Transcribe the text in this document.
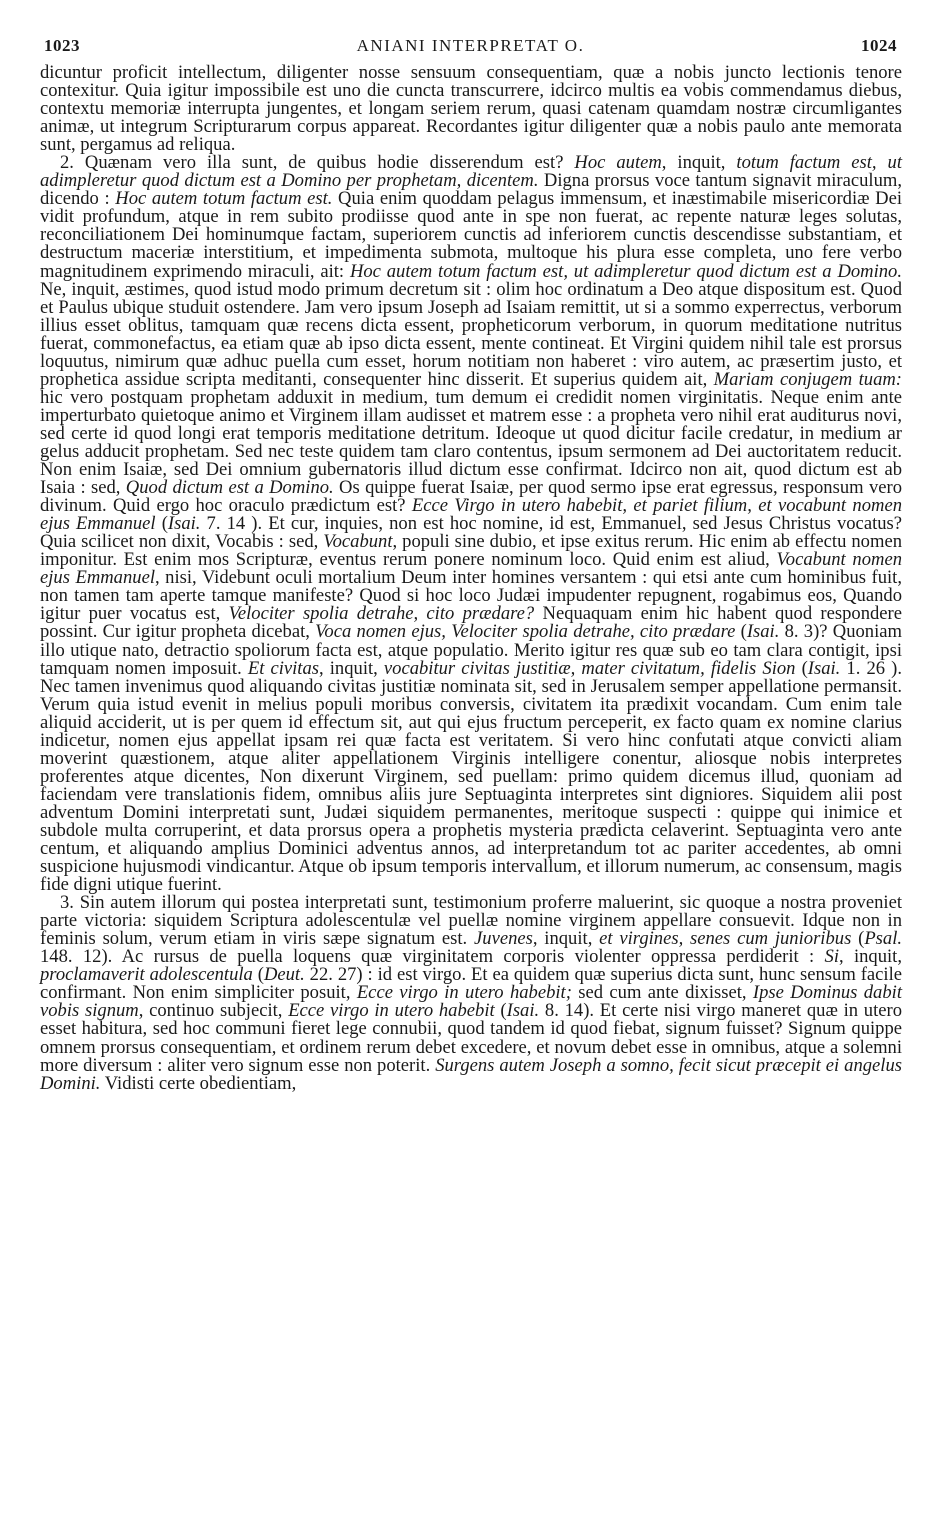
1023	ANIANI INTERPRETAT O.	1024

dicuntur proficit intellectum, diligenter nosse sensuum consequentiam, quæ a nobis juncto lectionis tenore contexitur. Quia igitur impossibile est uno die cuncta transcurrere, idcirco multis ea vobis commendamus diebus, contextu memoriæ interrupta jungentes, et longam seriem rerum, quasi catenam quamdam nostræ circumligantes animæ, ut integrum Scripturarum corpus appareat. Recordantes igitur diligenter quæ a nobis paulo ante memorata sunt, pergamus ad reliqua.

2. Quænam vero illa sunt, de quibus hodie disserendum est? Hoc autem, inquit, totum factum est, ut adimpleretur quod dictum est a Domino per prophetam, dicentem. Digna prorsus voce tantum signavit miraculum, dicendo : Hoc autem totum factum est. Quia enim quoddam pelagus immensum, et inæstimabile misericordiæ Dei vidit profundum, atque in rem subito prodiisse quod ante in spe non fuerat, ac repente naturæ leges solutas, reconciliationem Dei hominumque factam, superiorem cunctis ad inferiorem cunctis descendisse substantiam, et destructum maceriæ interstitium, et impedimenta submota, multoque his plura esse completa, uno fere verbo magnitudinem exprimendo miraculi, ait: Hoc autem totum factum est, ut adimpleretur quod dictum est a Domino. Ne, inquit, æstimes, quod istud modo primum decretum sit : olim hoc ordinatum a Deo atque dispositum est. Quod et Paulus ubique studuit ostendere. Jam vero ipsum Joseph ad Isaiam remittit, ut si a sommo experrectus, verborum illius esset oblitus, tamquam quæ recens dicta essent, propheticorum verborum, in quorum meditatione nutritus fuerat, commonefactus, ea etiam quæ ab ipso dicta essent, mente contineat. Et Virgini quidem nihil tale est prorsus loquutus, nimirum quæ adhuc puella cum esset, horum notitiam non haberet : viro autem, ac præsertim justo, et prophetica assidue scripta meditanti, consequenter hinc disserit. Et superius quidem ait, Mariam conjugem tuam: hic vero postquam prophetam adduxit in medium, tum demum ei credidit nomen virginitatis. Neque enim ante imperturbato quietoque animo et Virginem illam audisset et matrem esse : a propheta vero nihil erat auditurus novi, sed certe id quod longi erat temporis meditatione detritum. Ideoque ut quod dicitur facile credatur, in medium ar gelus adducit prophetam. Sed nec teste quidem tam claro contentus, ipsum sermonem ad Dei auctoritatem reducit. Non enim Isaiæ, sed Dei omnium gubernatoris illud dictum esse confirmat. Idcirco non ait, quod dictum est ab Isaia : sed, Quod dictum est a Domino. Os quippe fuerat Isaiæ, per quod sermo ipse erat egressus, responsum vero divinum. Quid ergo hoc oraculo prædictum est? Ecce Virgo in utero habebit, et pariet filium, et vocabunt nomen ejus Emmanuel (Isai. 7. 14 ). Et cur, inquies, non est hoc nomine, id est, Emmanuel, sed Jesus Christus vocatus? Quia scilicet non dixit, Vocabis : sed, Vocabunt, populi sine dubio, et ipse exitus rerum. Hic enim ab effectu nomen imponitur. Est enim mos Scripturæ, eventus rerum ponere nominum loco. Quid enim est aliud, Vocabunt nomen ejus Emmanuel, nisi, Videbunt oculi mortalium Deum inter homines versantem : qui etsi ante cum hominibus fuit, non tamen tam aperte tamque manifeste? Quod si hoc loco Judæi impudenter repugnent, rogabimus eos, Quando igitur puer vocatus est, Velociter spolia detrahe, cito prædare? Nequaquam enim hic habent quod respondere possint. Cur igitur propheta dicebat, Voca nomen ejus, Velociter spolia detrahe, cito prædare (Isai. 8. 3)? Quoniam illo utique nato, detractio spoliorum facta est, atque populatio. Merito igitur res quæ sub eo tam clara contigit, ipsi tamquam nomen imposuit. Et civitas, inquit, vocabitur civitas justitiæ, mater civitatum, fidelis Sion (Isai. 1. 26 ). Nec tamen invenimus quod aliquando civitas justitiæ nominata sit, sed in Jerusalem semper appellatione permansit. Verum quia istud evenit in melius populi moribus conversis, civitatem ita prædixit vocandam. Cum enim tale aliquid acciderit, ut is per quem id effectum sit, aut qui ejus fructum perceperit, ex facto quam ex nomine clarius indicetur, nomen ejus appellat ipsam rei quæ facta est veritatem. Si vero hinc confutati atque convicti aliam moverint quæstionem, atque aliter appellationem Virginis intelligere conentur, aliosque nobis interpretes proferentes atque dicentes, Non dixerunt Virginem, sed puellam: primo quidem dicemus illud, quoniam ad faciendam vere translationis fidem, omnibus aliis jure Septuaginta interpretes sint digniores. Siquidem alii post adventum Domini interpretati sunt, Judæi siquidem permanentes, meritoque suspecti : quippe qui inimice et subdole multa corruperint, et data prorsus opera a prophetis mysteria prædicta celaverint. Septuaginta vero ante centum, et aliquando amplius Dominici adventus annos, ad interpretandum tot ac pariter accedentes, ab omni suspicione hujusmodi vindicantur. Atque ob ipsum temporis intervallum, et illorum numerum, ac consensum, magis fide digni utique fuerint.

3. Sin autem illorum qui postea interpretati sunt, testimonium proferre maluerint, sic quoque a nostra proveniet parte victoria: siquidem Scriptura adolescentulæ vel puellæ nomine virginem appellare consuevit. Idque non in feminis solum, verum etiam in viris sæpe signatum est. Juvenes, inquit, et virgines, senes cum junioribus (Psal. 148. 12). Ac rursus de puella loquens quæ virginitatem corporis violenter oppressa perdiderit : Si, inquit, proclamaverit adolescentula (Deut. 22. 27) : id est virgo. Et ea quidem quæ superius dicta sunt, hunc sensum facile confirmant. Non enim simpliciter posuit, Ecce virgo in utero habebit; sed cum ante dixisset, Ipse Dominus dabit vobis signum, continuo subjecit, Ecce virgo in utero habebit (Isai. 8. 14). Et certe nisi virgo maneret quæ in utero esset habitura, sed hoc communi fieret lege connubii, quod tandem id quod fiebat, signum fuisset? Signum quippe omnem prorsus consequentiam, et ordinem rerum debet excedere, et novum debet esse in omnibus, atque a solemni more diversum : aliter vero signum esse non poterit. Surgens autem Joseph a somno, fecit sicut præcepit ei angelus Domini. Vidisti certe obedientiam,
